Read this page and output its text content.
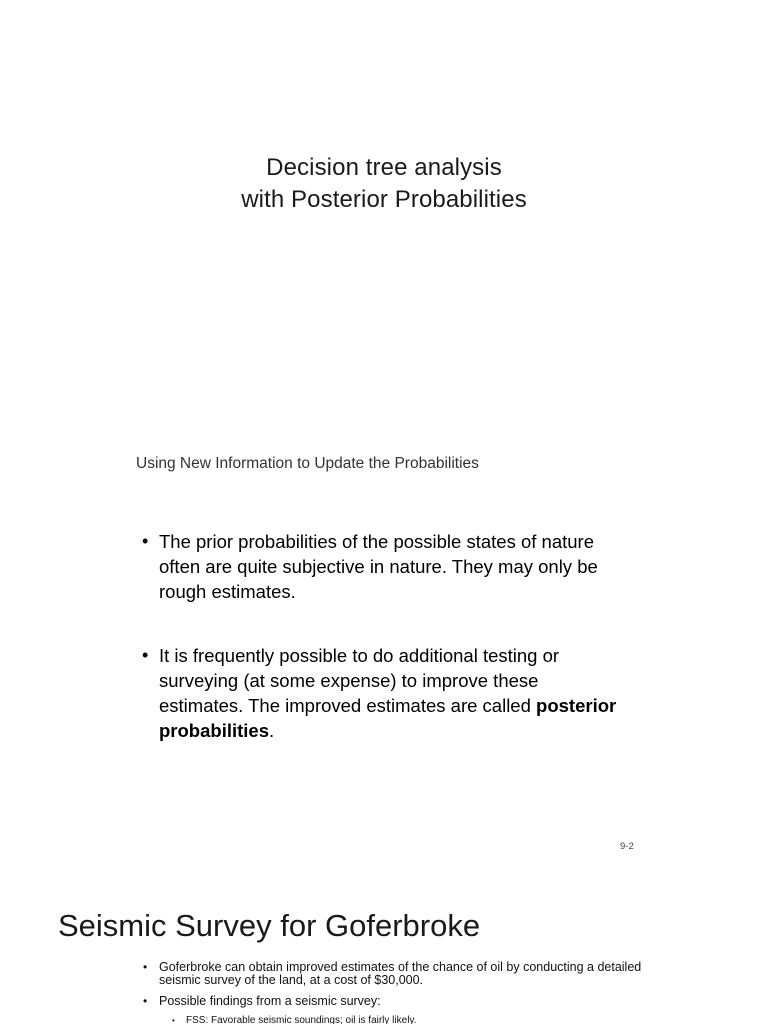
Decision tree analysis
with Posterior Probabilities
Using New Information to Update the Probabilities
• The prior probabilities of the possible states of nature often are quite subjective in nature. They may only be rough estimates.
• It is frequently possible to do additional testing or surveying (at some expense) to improve these estimates. The improved estimates are called posterior probabilities.
9-2
Seismic Survey for Goferbroke
• Goferbroke can obtain improved estimates of the chance of oil by conducting a detailed seismic survey of the land, at a cost of $30,000.
• Possible findings from a seismic survey:
• FSS: Favorable seismic soundings; oil is fairly likely.
